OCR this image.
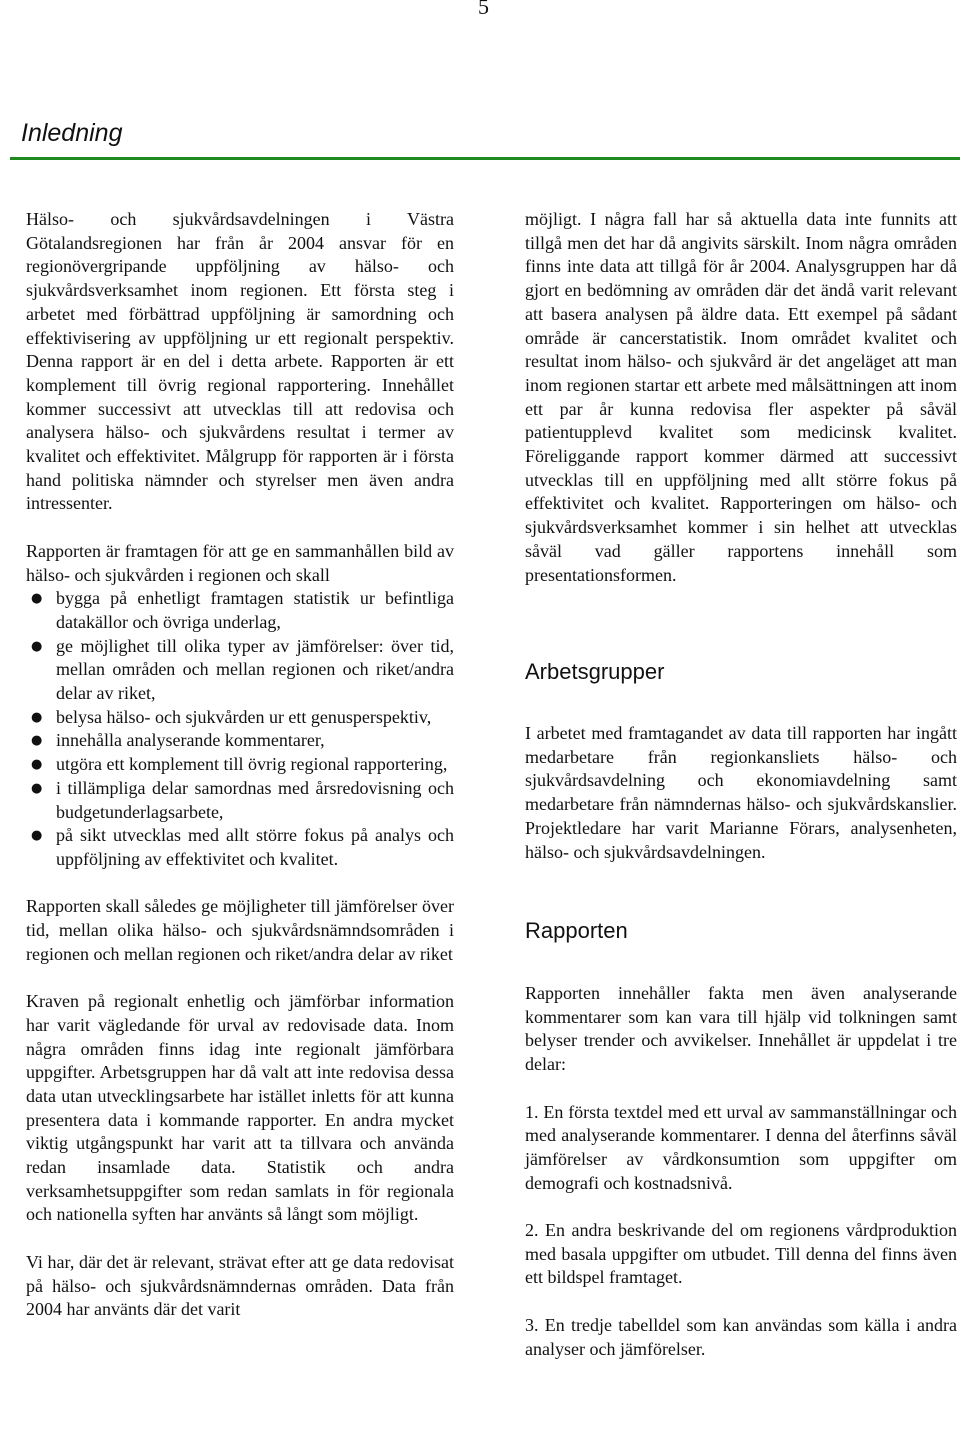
5
Inledning

Hälso- och sjukvårdsavdelningen i Västra Götalandsregionen har från år 2004 ansvar för en regionövergripande uppföljning av hälso- och sjukvårdsverksamhet inom regionen. Ett första steg i arbetet med förbättrad uppföljning är samordning och effektivisering av uppföljning ur ett regionalt perspektiv. Denna rapport är en del i detta arbete. Rapporten är ett komplement till övrig regional rapportering. Innehållet kommer successivt att utvecklas till att redovisa och analysera hälso- och sjukvårdens resultat i termer av kvalitet och effektivitet. Målgrupp för rapporten är i första hand politiska nämnder och styrelser men även andra intressenter.

Rapporten är framtagen för att ge en sammanhållen bild av hälso- och sjukvården i regionen och skall

● bygga på enhetligt framtagen statistik ur befintliga datakällor och övriga underlag,
● ge möjlighet till olika typer av jämförelser: över tid, mellan områden och mellan regionen och riket/andra delar av riket,
● belysa hälso- och sjukvården ur ett genusperspektiv,
● innehålla analyserande kommentarer,
● utgöra ett komplement till övrig regional rapportering,
● i tillämpliga delar samordnas med årsredovisning och budgetunderlagsarbete,
● på sikt utvecklas med allt större fokus på analys och uppföljning av effektivitet och kvalitet.

Rapporten skall således ge möjligheter till jämförelser över tid, mellan olika hälso- och sjukvårdsnämndsområden i regionen och mellan regionen och riket/andra delar av riket

Kraven på regionalt enhetlig och jämförbar information har varit vägledande för urval av redovisade data. Inom några områden finns idag inte regionalt jämförbara uppgifter. Arbetsgruppen har då valt att inte redovisa dessa data utan utvecklingsarbete har istället inletts för att kunna presentera data i kommande rapporter. En andra mycket viktig utgångspunkt har varit att ta tillvara och använda redan insamlade data. Statistik och andra verksamhetsuppgifter som redan samlats in för regionala och nationella syften har använts så långt som möjligt.

Vi har, där det är relevant, strävat efter att ge data redovisat på hälso- och sjukvårdsnämndernas områden. Data från 2004 har använts där det varit

möjligt. I några fall har så aktuella data inte funnits att tillgå men det har då angivits särskilt. Inom några områden finns inte data att tillgå för år 2004. Analysgruppen har då gjort en bedömning av områden där det ändå varit relevant att basera analysen på äldre data. Ett exempel på sådant område är cancerstatistik. Inom området kvalitet och resultat inom hälso- och sjukvård är det angeläget att man inom regionen startar ett arbete med målsättningen att inom ett par år kunna redovisa fler aspekter på såväl patientupplevd kvalitet som medicinsk kvalitet. Föreliggande rapport kommer därmed att successivt utvecklas till en uppföljning med allt större fokus på effektivitet och kvalitet. Rapporteringen om hälso- och sjukvårdsverksamhet kommer i sin helhet att utvecklas såväl vad gäller rapportens innehåll som presentationsformen.

Arbetsgrupper

I arbetet med framtagandet av data till rapporten har ingått medarbetare från regionkansliets hälso- och sjukvårdsavdelning och ekonomiavdelning samt medarbetare från nämndernas hälso- och sjukvårdskanslier. Projektledare har varit Marianne Förars, analysenheten, hälso- och sjukvårdsavdelningen.

Rapporten

Rapporten innehåller fakta men även analyserande kommentarer som kan vara till hjälp vid tolkningen samt belyser trender och avvikelser. Innehållet är uppdelat i tre delar:

1. En första textdel med ett urval av sammanställningar och med analyserande kommentarer. I denna del återfinns såväl jämförelser av vårdkonsumtion som uppgifter om demografi och kostnadsnivå.

2. En andra beskrivande del om regionens vårdproduktion med basala uppgifter om utbudet. Till denna del finns även ett bildspel framtaget.

3. En tredje tabelldel som kan användas som källa i andra analyser och jämförelser.
